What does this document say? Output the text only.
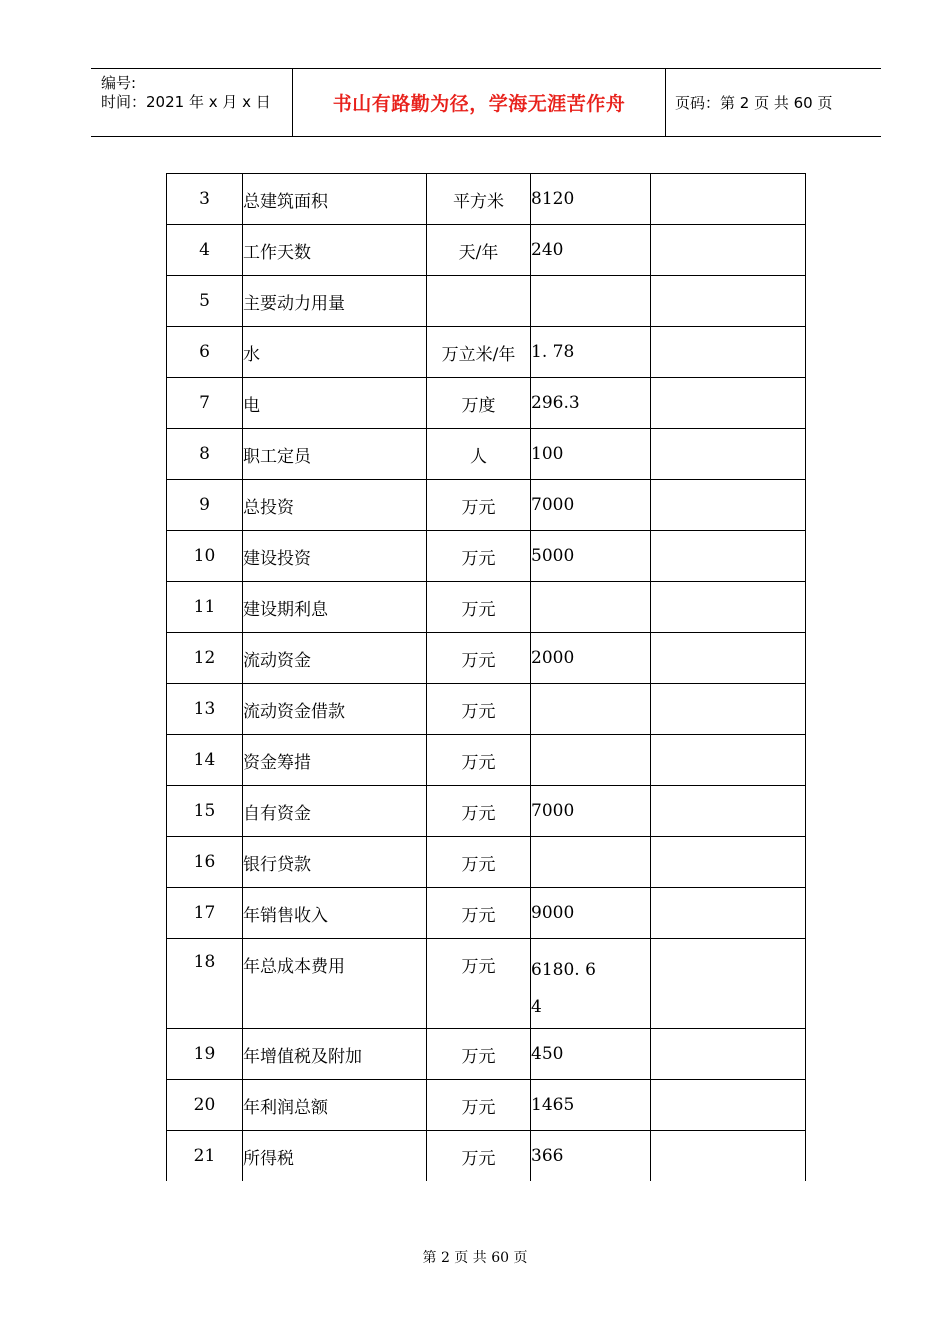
编号:
时间：2021 年 x 月 x 日	书山有路勤为径，学海无涯苦作舟	页码：第 2 页 共 60 页
3	总建筑面积	平方米	8120	
4	工作天数	天/年	240	
5	主要动力用量			
6	水	万立米/年	1. 78	
7	电	万度	296.3	
8	职工定员	人	100	
9	总投资	万元	7000	
10	建设投资	万元	5000	
11	建设期利息	万元		
12	流动资金	万元	2000	
13	流动资金借款	万元		
14	资金筹措	万元		
15	自有资金	万元	7000	
16	银行贷款	万元		
17	年销售收入	万元	9000	
18	年总成本费用	万元	6180. 64	

19	年增值税及附加	万元	450	
20	年利润总额	万元	1465	
21	所得税	万元	366	
第 2 页 共 60 页
